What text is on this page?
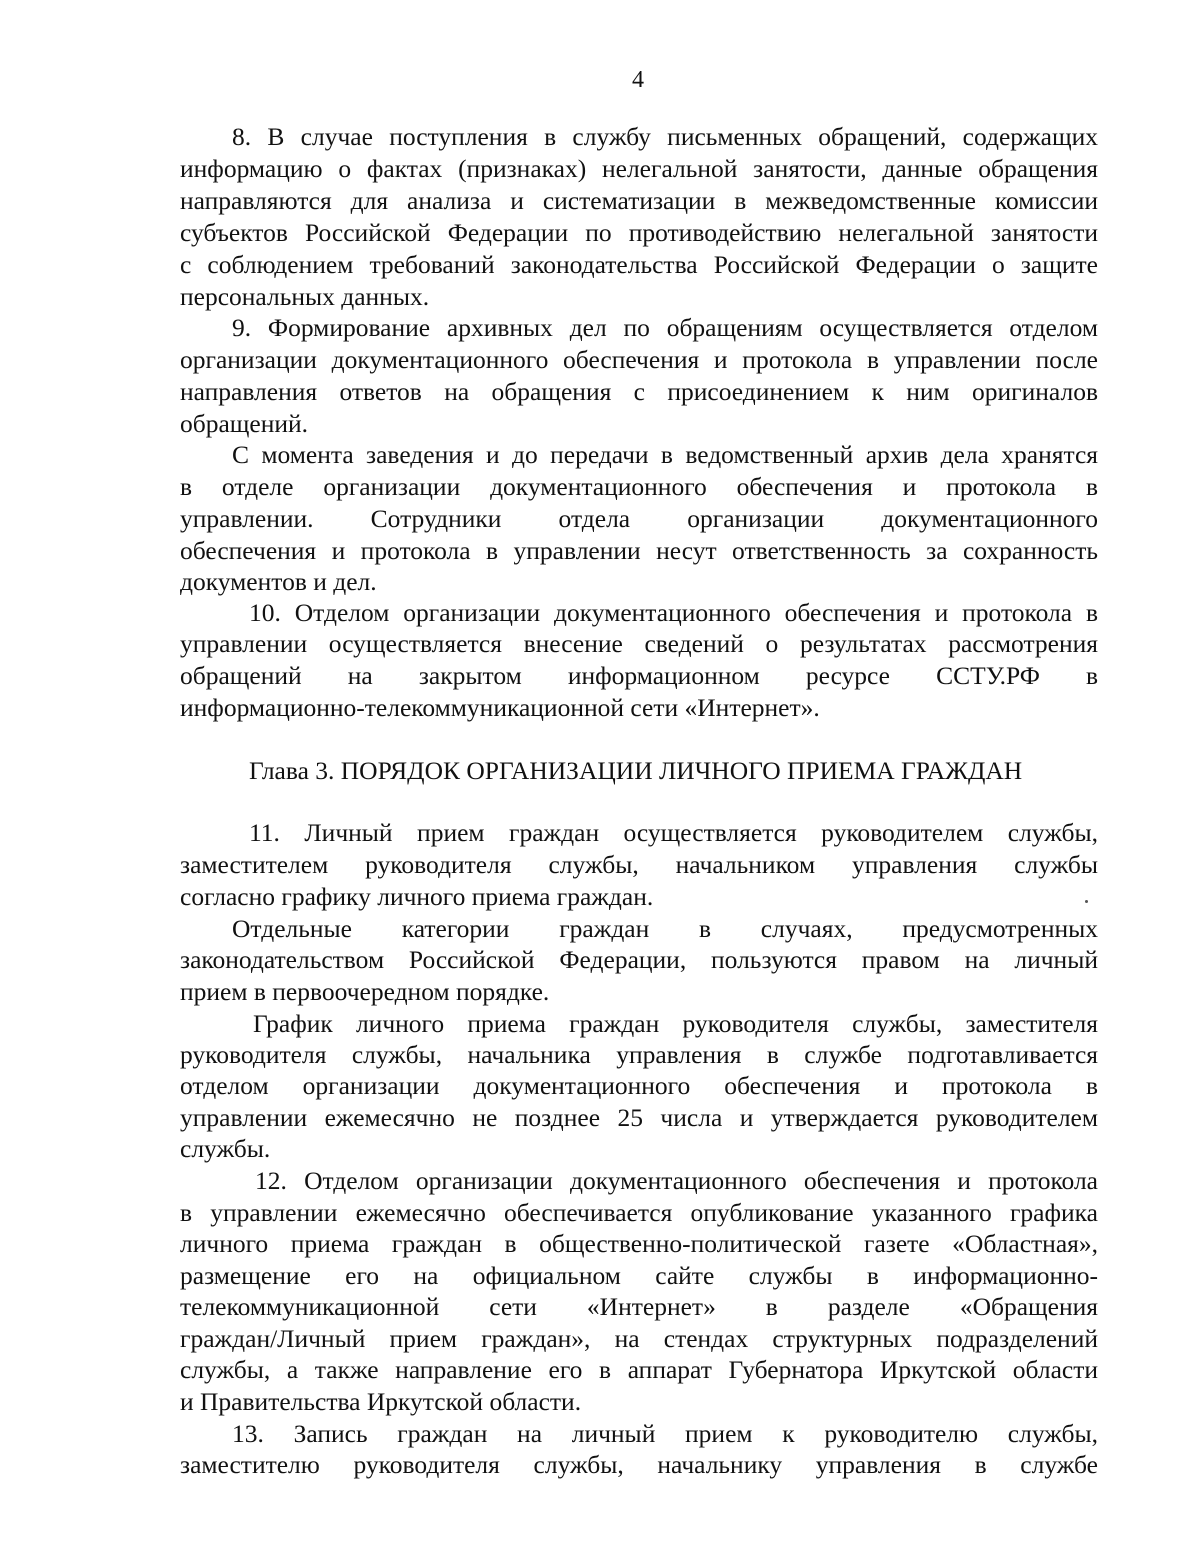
4
8. В случае поступления в службу письменных обращений, содержащих
информацию о фактах (признаках) нелегальной занятости, данные обращения
направляются для анализа и систематизации в межведомственные комиссии
субъектов Российской Федерации по противодействию нелегальной занятости
с соблюдением требований законодательства Российской Федерации о защите
персональных данных.
9. Формирование архивных дел по обращениям осуществляется отделом
организации документационного обеспечения и протокола в управлении после
направления ответов на обращения с присоединением к ним оригиналов
обращений.
С момента заведения и до передачи в ведомственный архив дела хранятся
в отделе организации документационного обеспечения и протокола в
управлении. Сотрудники отдела организации документационного
обеспечения и протокола в управлении несут ответственность за сохранность
документов и дел.
10. Отделом организации документационного обеспечения и протокола в
управлении осуществляется внесение сведений о результатах рассмотрения
обращений на закрытом информационном ресурсе ССТУ.РФ в
информационно-телекоммуникационной сети «Интернет».
Глава 3. ПОРЯДОК ОРГАНИЗАЦИИ ЛИЧНОГО ПРИЕМА ГРАЖДАН
11. Личный прием граждан осуществляется руководителем службы,
заместителем руководителя службы, начальником управления службы
согласно графику личного приема граждан.
Отдельные категории граждан в случаях, предусмотренных
законодательством Российской Федерации, пользуются правом на личный
прием в первоочередном порядке.
График личного приема граждан руководителя службы, заместителя
руководителя службы, начальника управления в службе подготавливается
отделом организации документационного обеспечения и протокола в
управлении ежемесячно не позднее 25 числа и утверждается руководителем
службы.
12. Отделом организации документационного обеспечения и протокола
в управлении ежемесячно обеспечивается опубликование указанного графика
личного приема граждан в общественно-политической газете «Областная»,
размещение его на официальном сайте службы в информационно-
телекоммуникационной сети «Интернет» в разделе «Обращения
граждан/Личный прием граждан», на стендах структурных подразделений
службы, а также направление его в аппарат Губернатора Иркутской области
и Правительства Иркутской области.
13. Запись граждан на личный прием к руководителю службы,
заместителю руководителя службы, начальнику управления в службе
